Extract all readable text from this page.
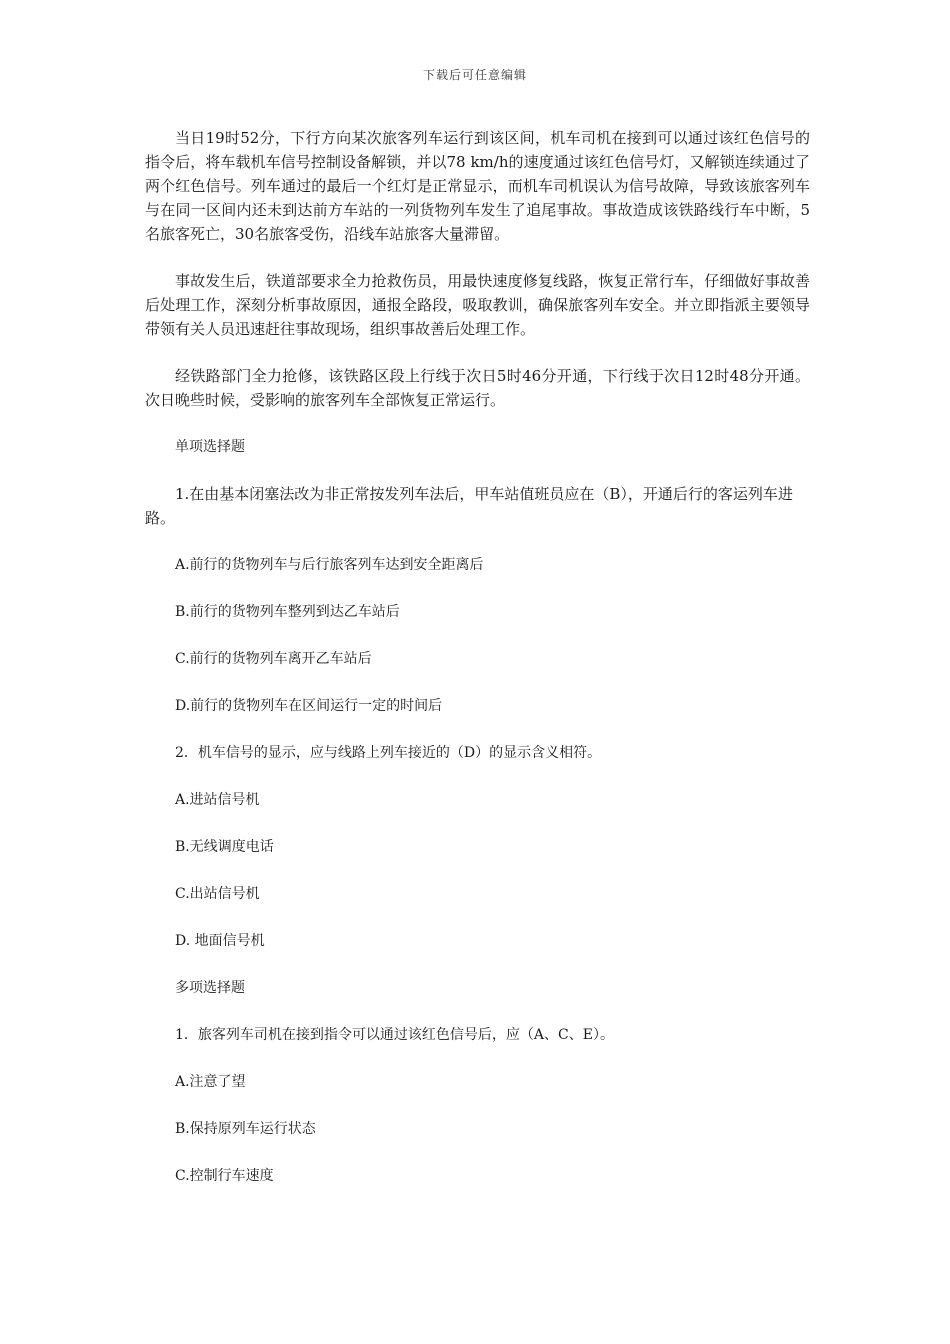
下载后可任意编辑

当日19时52分，下行方向某次旅客列车运行到该区间，机车司机在接到可以通过该红色信号的指令后，将车载机车信号控制设备解锁，并以78 km/h的速度通过该红色信号灯，又解锁连续通过了两个红色信号。列车通过的最后一个红灯是正常显示，而机车司机误认为信号故障，导致该旅客列车与在同一区间内还未到达前方车站的一列货物列车发生了追尾事故。事故造成该铁路线行车中断，5名旅客死亡，30名旅客受伤，沿线车站旅客大量滞留。

事故发生后，铁道部要求全力抢救伤员，用最快速度修复线路，恢复正常行车，仔细做好事故善后处理工作，深刻分析事故原因，通报全路段，吸取教训，确保旅客列车安全。并立即指派主要领导带领有关人员迅速赶往事故现场，组织事故善后处理工作。

经铁路部门全力抢修，该铁路区段上行线于次日5时46分开通，下行线于次日12时48分开通。次日晚些时候，受影响的旅客列车全部恢复正常运行。

单项选择题

1.在由基本闭塞法改为非正常按发列车法后，甲车站值班员应在（B），开通后行的客运列车进路。

A.前行的货物列车与后行旅客列车达到安全距离后
B.前行的货物列车整列到达乙车站后
C.前行的货物列车离开乙车站后
D.前行的货物列车在区间运行一定的时间后
2．机车信号的显示，应与线路上列车接近的（D）的显示含义相符。
A.进站信号机
B.无线调度电话
C.出站信号机
D. 地面信号机
多项选择题
1．旅客列车司机在接到指令可以通过该红色信号后，应（A、C、E）。
A.注意了望
B.保持原列车运行状态
C.控制行车速度
